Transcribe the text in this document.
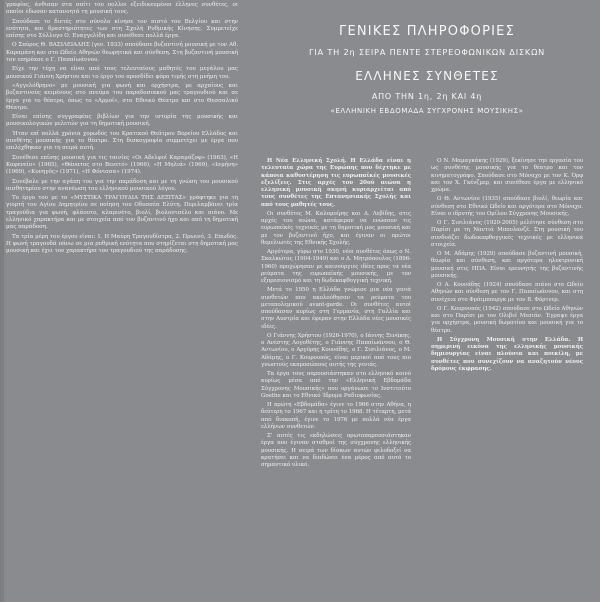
γραφίας, άνθισαν στα σπίτι του πολλοι εξειδικευμένοι έλληνες συνθέτες, οι οποίοι έδωσαν κατανοητά τη μουσική τους.

Σπούδασε το διετές στο σύνολο κίνησε τον πιστό του Βελγίου και στην ενότητα, και δραστηριότητες των στη Σχολή Ρυθμικής Κίνησης. Συμμετείχε επίσης στο Σύλλογο Ο. Ευαγγελίδη και συνέθεσε πολλά έργα.

Ο Σπύρος Θ. ΒΑΣΙΛΕΙΑΔΗΣ (γεν. 1933) σπούδασε βυζαντινή μουσική με τον Αθ. Καραμάνη και στο Ωδείο Αθηνών θεωρητικά και σύνθεση. Στη βυζαντινή μουσική τον επηρέασε ο Γ. Παπαϊωάννου.

Είχε την τύχη να είναι από τους τελευταίους μαθητές του μεγάλου μας μουσικού Γιάννη Χρήστου και το έργο του προσδίδει φόρο τιμής στη μνήμη του.

«Αγγελόθρηνο» με μουσική για φωνή και ορχήστρα, με αρχαίους και βυζαντινούς κειμένους στο πνεύμα του παραδοσιακού μας τραγουδιού και σε έργα για το θέατρο, όπως το «Αρμοί», στο Εθνικό Θέατρο και στο Θεσσαλικό Θέατρο.

Είναι επίσης συγγραφέας βιβλίων για την ιστορία της μουσικής και μουσικολογικών μελετών για τη δημοτική μουσική.

Ήταν επί πολλά χρόνια χορωδός του Κρατικού Θεάτρου Βορείου Ελλάδος και συνθέτης μουσικής για το θέατρο. Στη δισκογραφία συμμετέχει με έργα που επιλέχθηκαν για τη σειρά αυτή.

Συνέθεσε επίσης μουσική για τις ταινίες «Οι Αδελφοί Καραμάζοφ» (1963), «Η Καφενείο» (1965), «Θάνατος στο Βενετό» (1966), «Η Μηλιά» (1969), «Ισμήνη» (1969), «Κυνηγός» (1971), «Η Φόνισσα» (1974).

Συνέβαλε με την αγάπη του για την παράδοση και με τη γνώση του μουσικού αισθητηρίου στην ανανέωση του ελληνικού μουσικού λόγου.

Το έργο του με το «ΜΥΣΤΙΚΑ ΤΡΑΓΟΥΔΙΑ ΤΗΣ ΔΕΞΙΤΑΣ» γράφτηκε για τη γιορτή του Αγίου Δημητρίου σε ποίηση του Οδυσσέα Ελύτη. Περιλαμβάνει τρία τραγούδια για φωνή, φλάουτο, κλαρινέτο, βιολί, βιολοντσέλο και πιάνο. Με ελληνικό χαρακτήρα και με στοιχεία από τον βυζαντινό ήχο και από τη δημοτική μας παράδοση.

Τα τρία μέρη του έργου είναι: 1. Η Μαύρη Τραγουδίστρα, 2. Πρωινό, 3. Επωδός. Η φωνή τραγουδά πάνω σε μια ρυθμική ενότητα που στηρίζεται στη δημοτική μας μουσική και έχει τον χαρακτήρα του τραγουδιού της παράδοσης.

ΓΕΝΙΚΕΣ ΠΛΗΡΟΦΟΡΙΕΣ
ΓΙΑ ΤΗ 2η ΣΕΙΡΑ ΠΕΝΤΕ ΣΤΕΡΕΟΦΩΝΙΚΩΝ ΔΙΣΚΩΝ
ΕΛΛΗΝΕΣ ΣΥΝΘΕΤΕΣ
ΑΠΟ ΤΗΝ 1η, 2η ΚΑΙ 4η
«ΕΛΛΗΝΙΚΗ ΕΒΔΟΜΑΔΑ ΣΥΓΧΡΟΝΗΣ ΜΟΥΣΙΚΗΣ»

Η Νέα Ελληνική Σχολή. Η Ελλάδα είναι η τελευταία χώρα της Ευρώπης που δέχτηκε με κάποια καθυστέρηση τις ευρωπαϊκές μουσικές εξελίξεις. Στις αρχές του 20ού αιώνα η ελληνική μουσική σκηνή κυριαρχείται από τους συνθέτες της Επτανησιακής Σχολής και από τους μαθητές τους.

Οι συνθέτες Μ. Καλομοίρης και Δ. Λεβίδης, στις αρχές του αιώνα, κατάφεραν να ενώσουν τις ευρωπαϊκές τεχνικές με τη δημοτική μας μουσική και με τον βυζαντινό ήχο, και έγιναν οι πρώτοι θεμελιωτές της Εθνικής Σχολής.

Αργότερα, γύρω στο 1930, νέοι συνθέτες όπως ο Ν. Σκαλκώτας (1904-1949) και ο Δ. Μητρόπουλος (1896-1960) προχώρησαν με καινούργιες ιδέες προς τα νέα ρεύματα της ευρωπαϊκής μουσικής, με τον εξπρεσιονισμό και τη δωδεκαφθογγική τεχνική.

Μετά το 1950 η Ελλάδα γνώρισε μια νέα γενιά συνθετών που ακολούθησαν τα ρεύματα του μεταπολεμικού avant-garde. Οι συνθέτες αυτοί σπούδασαν κυρίως στη Γερμανία, στη Γαλλία και στην Αυστρία και έφεραν στην Ελλάδα νέες μουσικές ιδέες.

Ο Γιάννης Χρήστου (1926-1970), ο Ιάννης Ξενάκης, ο Ανέστης Λογοθέτης, ο Γιάννης Παπαϊωάννου, ο Θ. Αντωνίου, ο Αργύρης Κουνάδης, ο Γ. Σισιλιάνος, ο Μ. Αδάμης, ο Γ. Κουρουπός, είναι μερικοί από τους πιο γνωστούς εκπροσώπους αυτής της γενιάς.

Τα έργα τους παρουσιάστηκαν στο ελληνικό κοινό κυρίως μέσα από την «Ελληνική Εβδομάδα Σύγχρονης Μουσικής» που οργάνωσε το Ινστιτούτο Goethe και το Εθνικό Ίδρυμα Ραδιοφωνίας.

Η πρώτη «Εβδομάδα» έγινε το 1966 στην Αθήνα, η δεύτερη το 1967 και η τρίτη το 1968. Η τέταρτη, μετά από διακοπή, έγινε το 1976 με πολλά νέα έργα ελλήνων συνθετών.

Σ' αυτές τις εκδηλώσεις πρωτοπαρουσιάστηκαν έργα που έγιναν σταθμοί της σύγχρονης ελληνικής μουσικής. Η σειρά των δίσκων αυτών φιλοδοξεί να κρατήσει και να διαδώσει ένα μέρος από αυτό το σημαντικό υλικό.

Ο Ν. Μαμαγκάκης (1929), ξεκίνησε την εργασία του ως συνθέτης μουσικής για το θέατρο και τον κινηματογράφο. Σπούδασε στο Μόναχο με τον Κ. Όρφ και τον Χ. Γκένζμερ, και συνέθεσε έργα με ελληνικό χρώμα.

Ο Θ. Αντωνίου (1935) σπούδασε βιολί, θεωρία και σύνθεση στο Εθνικό Ωδείο και αργότερα στο Μόναχο. Είναι ο ιδρυτής του Ομίλου Σύγχρονης Μουσικής.

Ο Γ. Σισιλιάνος (1920-2005) μελέτησε σύνθεση στο Παρίσι με τη Ναντιά Μπουλανζέ. Στη μουσική του συνδυάζει δωδεκαφθογγικές τεχνικές με ελληνικά στοιχεία.

Ο Μ. Αδάμης (1929) σπούδασε βυζαντινή μουσική, θεωρία και σύνθεση, και αργότερα ηλεκτρονική μουσική στις ΗΠΑ. Είναι ερευνητής της βυζαντινής μουσικής.

Ο Α. Κουνάδης (1924) σπούδασε πιάνο στο Ωδείο Αθηνών και σύνθεση με τον Γ. Παπαϊωάννου, και στη συνέχεια στο Φράιμπουργκ με τον Β. Φόρτνερ.

Ο Γ. Κουρουπός (1942) σπούδασε στο Ωδείο Αθηνών και στο Παρίσι με τον Ολιβιέ Μεσιάν. Έγραψε έργα για ορχήστρα, μουσική δωματίου και μουσική για το θέατρο.

Η Σύγχρονη Μουσική στην Ελλάδα. Η σημερινή εικόνα της ελληνικής μουσικής δημιουργίας είναι πλούσια και ποικίλη, με συνθέτες που συνεχίζουν να αναζητούν νέους δρόμους έκφρασης.
